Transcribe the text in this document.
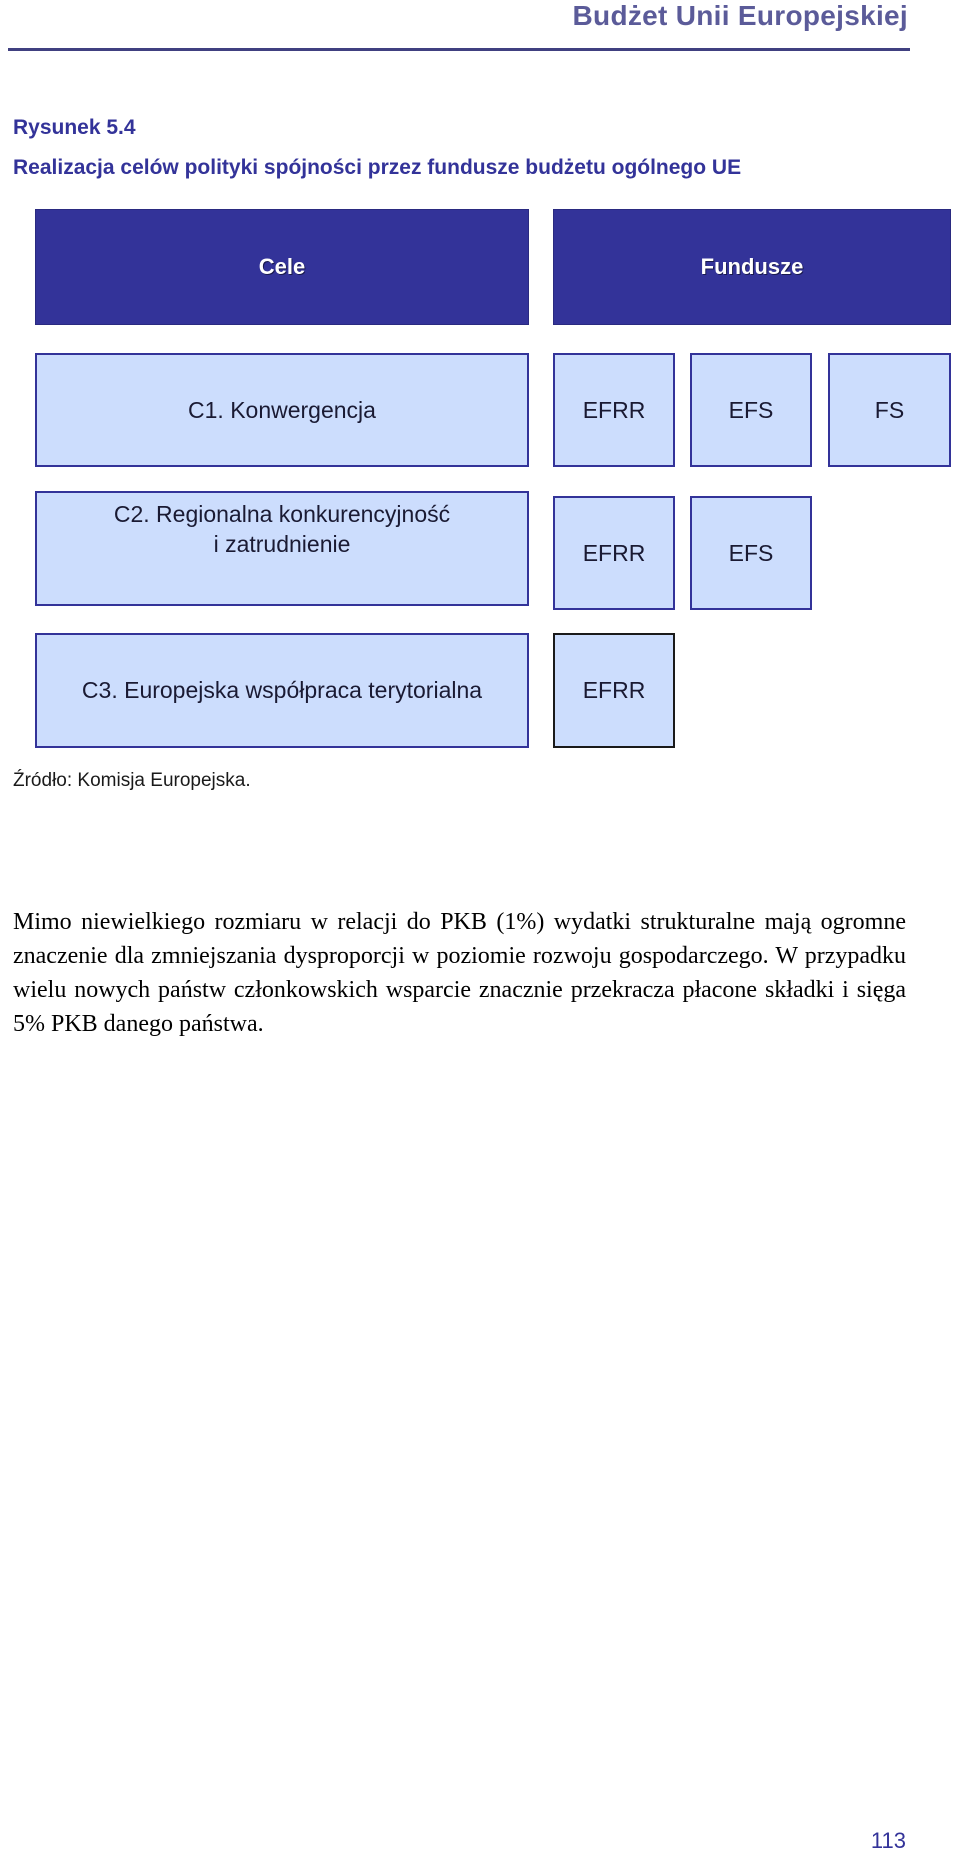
Budżet Unii Europejskiej
Rysunek 5.4
Realizacja celów polityki spójności przez fundusze budżetu ogólnego UE
Cele	Fundusze
C1. Konwergencja	EFRR	EFS	FS
C2. Regionalna konkurencyjność
i zatrudnienie	EFRR	EFS
C3. Europejska współpraca terytorialna	EFRR
Źródło: Komisja Europejska.

Mimo niewielkiego rozmiaru w relacji do PKB (1%) wydatki strukturalne mają ogromne znaczenie dla zmniejszania dysproporcji w poziomie rozwoju gospodarczego. W przypadku wielu nowych państw członkowskich wsparcie znacznie przekracza płacone składki i sięga 5% PKB danego państwa.

113
